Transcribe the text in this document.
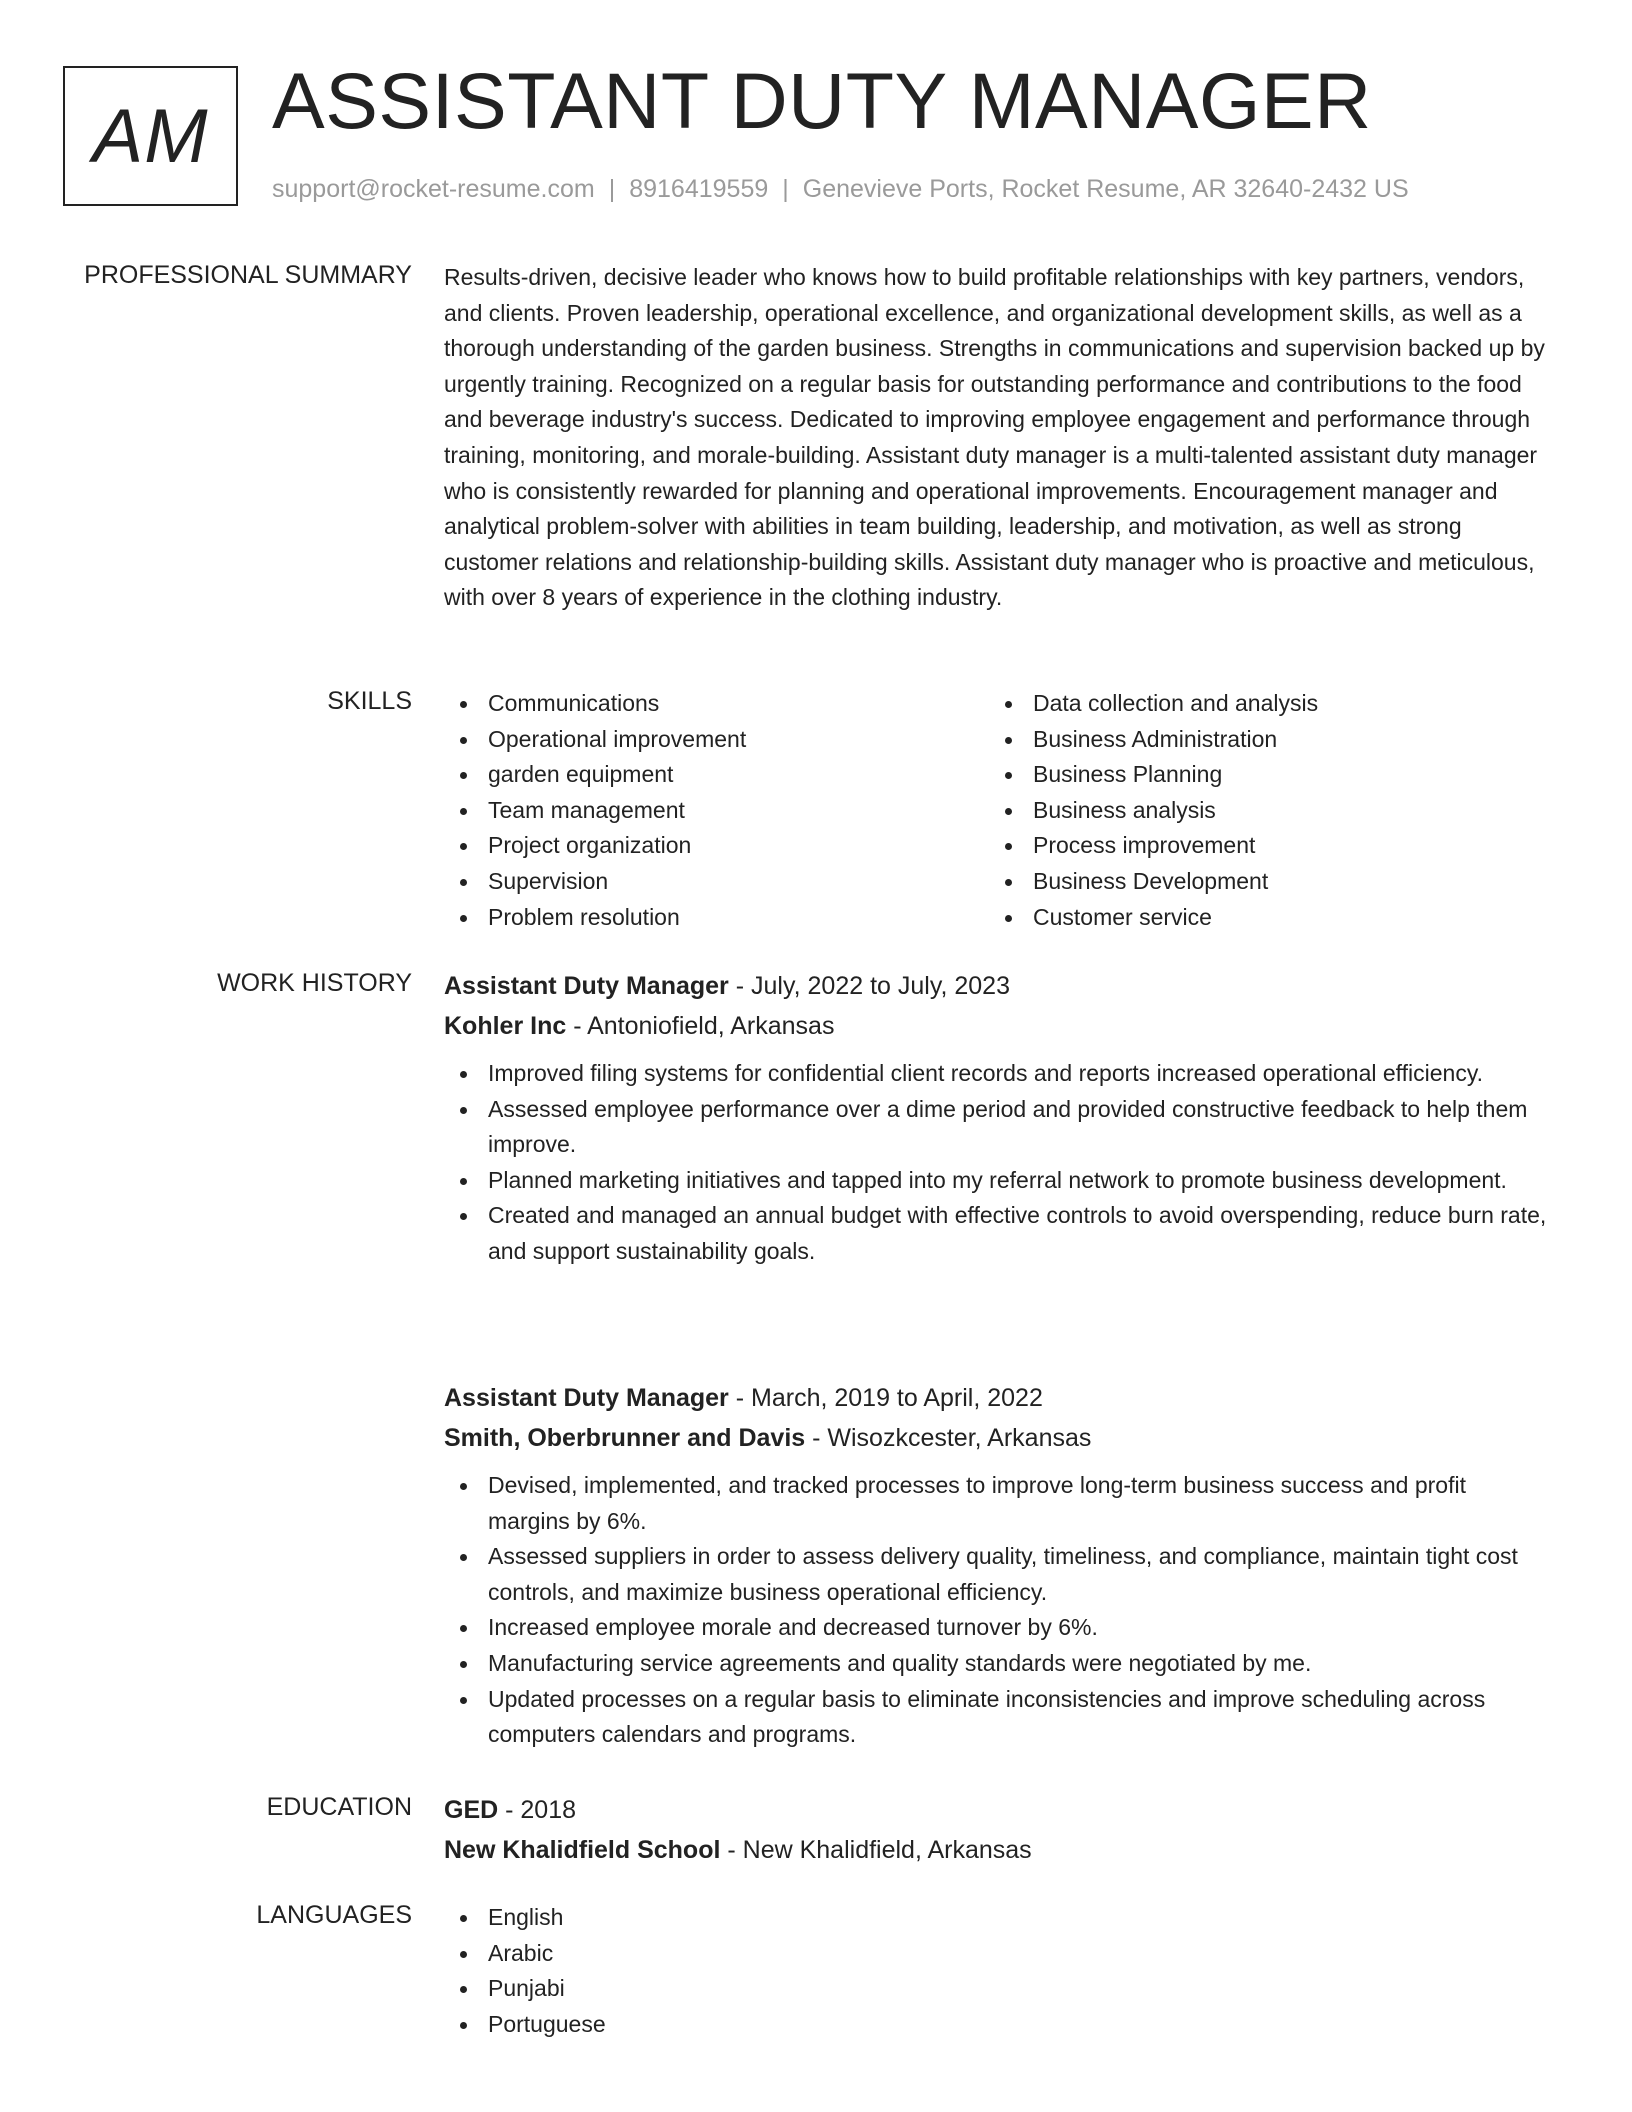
AM ASSISTANT DUTY MANAGER
support@rocket-resume.com | 8916419559 | Genevieve Ports, Rocket Resume, AR 32640-2432 US
PROFESSIONAL SUMMARY Results-driven, decisive leader who knows how to build profitable relationships with key partners, vendors, and clients. Proven leadership, operational excellence, and organizational development skills, as well as a thorough understanding of the garden business. Strengths in communications and supervision backed up by urgently training. Recognized on a regular basis for outstanding performance and contributions to the food and beverage industry's success. Dedicated to improving employee engagement and performance through training, monitoring, and morale-building. Assistant duty manager is a multi-talented assistant duty manager who is consistently rewarded for planning and operational improvements. Encouragement manager and analytical problem-solver with abilities in team building, leadership, and motivation, as well as strong customer relations and relationship-building skills. Assistant duty manager who is proactive and meticulous, with over 8 years of experience in the clothing industry.

SKILLS	Communications
Operational improvement
garden equipment
Team management
Project organization
Supervision
Problem resolution
Data collection and analysis
Business Administration
Business Planning
Business analysis
Process improvement
Business Development
Customer service
WORK HISTORY Assistant Duty Manager - July, 2022 to July, 2023
Kohler Inc - Antoniofield, Arkansas
Improved filing systems for confidential client records and reports increased operational efficiency.
Assessed employee performance over a dime period and provided constructive feedback to help them improve.
Planned marketing initiatives and tapped into my referral network to promote business development.
Created and managed an annual budget with effective controls to avoid overspending, reduce burn rate, and support sustainability goals.
Assistant Duty Manager - March, 2019 to April, 2022
Smith, Oberbrunner and Davis - Wisozkcester, Arkansas
Devised, implemented, and tracked processes to improve long-term business success and profit margins by 6%.
Assessed suppliers in order to assess delivery quality, timeliness, and compliance, maintain tight cost controls, and maximize business operational efficiency.
Increased employee morale and decreased turnover by 6%.
Manufacturing service agreements and quality standards were negotiated by me.
Updated processes on a regular basis to eliminate inconsistencies and improve scheduling across computers calendars and programs.
EDUCATION GED - 2018
New Khalidfield School - New Khalidfield, Arkansas
LANGUAGES	English
Arabic
Punjabi
Portuguese
